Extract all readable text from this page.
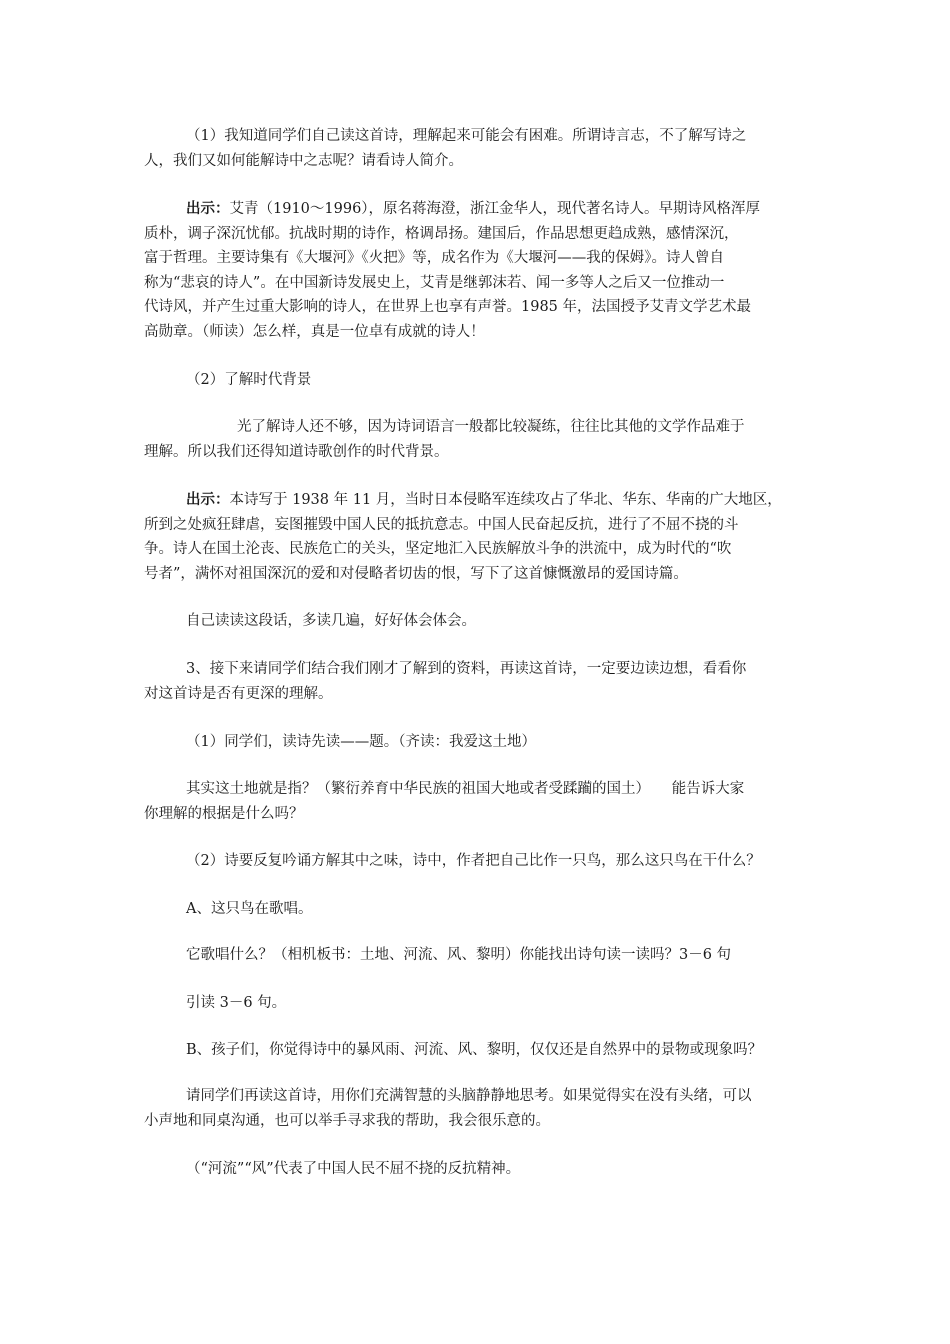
（1）我知道同学们自己读这首诗，理解起来可能会有困难。所谓诗言志，不了解写诗之
人，我们又如何能解诗中之志呢？请看诗人简介。

出示：艾青（1910～1996），原名蒋海澄，浙江金华人，现代著名诗人。早期诗风格浑厚
质朴，调子深沉忧郁。抗战时期的诗作，格调昂扬。建国后，作品思想更趋成熟，感情深沉，
富于哲理。主要诗集有《大堰河》《火把》等，成名作为《大堰河——我的保姆》。诗人曾自
称为“悲哀的诗人”。在中国新诗发展史上，艾青是继郭沫若、闻一多等人之后又一位推动一
代诗风，并产生过重大影响的诗人，在世界上也享有声誉。1985 年，法国授予艾青文学艺术最
高勋章。（师读）怎么样，真是一位卓有成就的诗人！

（2）了解时代背景

光了解诗人还不够，因为诗词语言一般都比较凝练，往往比其他的文学作品难于
理解。所以我们还得知道诗歌创作的时代背景。

出示：本诗写于 1938 年 11 月，当时日本侵略军连续攻占了华北、华东、华南的广大地区，
所到之处疯狂肆虐，妄图摧毁中国人民的抵抗意志。中国人民奋起反抗，进行了不屈不挠的斗
争。诗人在国土沦丧、民族危亡的关头，坚定地汇入民族解放斗争的洪流中，成为时代的“吹
号者”，满怀对祖国深沉的爱和对侵略者切齿的恨，写下了这首慷慨激昂的爱国诗篇。

自己读读这段话，多读几遍，好好体会体会。

3、接下来请同学们结合我们刚才了解到的资料，再读这首诗，一定要边读边想，看看你
对这首诗是否有更深的理解。

（1）同学们，读诗先读——题。（齐读：我爱这土地）

其实这土地就是指？（繁衍养育中华民族的祖国大地或者受蹂躏的国土）　　能告诉大家
你理解的根据是什么吗？

（2）诗要反复吟诵方解其中之味，诗中，作者把自己比作一只鸟，那么这只鸟在干什么？

A、这只鸟在歌唱。

它歌唱什么？（相机板书：土地、河流、风、黎明）你能找出诗句读一读吗？3－6 句

引读 3－6 句。

B、孩子们，你觉得诗中的暴风雨、河流、风、黎明，仅仅还是自然界中的景物或现象吗？

请同学们再读这首诗，用你们充满智慧的头脑静静地思考。如果觉得实在没有头绪，可以
小声地和同桌沟通，也可以举手寻求我的帮助，我会很乐意的。

（“河流”“风”代表了中国人民不屈不挠的反抗精神。
